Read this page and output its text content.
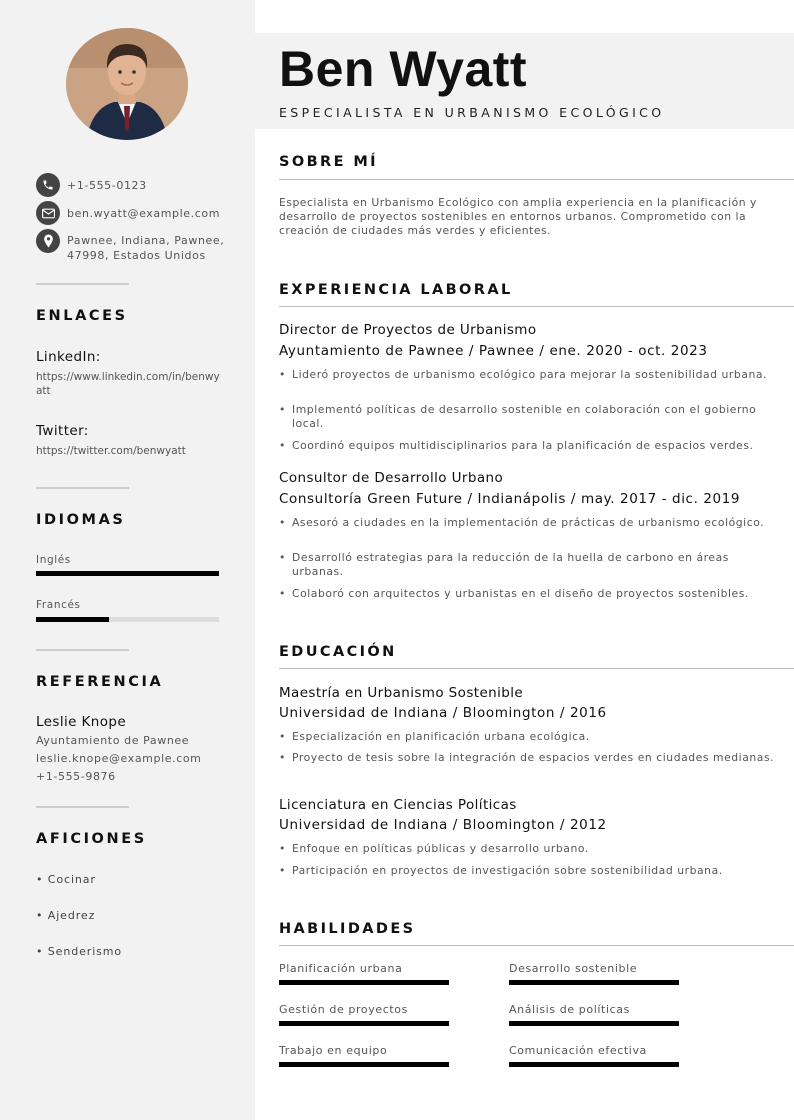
+1-555-0123
ben.wyatt@example.com
Pawnee, Indiana, Pawnee, 47998, Estados Unidos
ENLACES
LinkedIn:
https://www.linkedin.com/in/benwyatt
Twitter:
https://twitter.com/benwyatt
IDIOMAS
Inglés
Francés
REFERENCIA
Leslie Knope
Ayuntamiento de Pawnee
leslie.knope@example.com
+1-555-9876
AFICIONES
• Cocinar
• Ajedrez
• Senderismo
Ben Wyatt
ESPECIALISTA EN URBANISMO ECOLÓGICO
SOBRE MÍ
Especialista en Urbanismo Ecológico con amplia experiencia en la planificación y desarrollo de proyectos sostenibles en entornos urbanos. Comprometido con la creación de ciudades más verdes y eficientes.
EXPERIENCIA LABORAL
Director de Proyectos de Urbanismo
Ayuntamiento de Pawnee / Pawnee / ene. 2020 - oct. 2023
• Lideró proyectos de urbanismo ecológico para mejorar la sostenibilidad urbana.
• Implementó políticas de desarrollo sostenible en colaboración con el gobierno local.
• Coordinó equipos multidisciplinarios para la planificación de espacios verdes.
Consultor de Desarrollo Urbano
Consultoría Green Future / Indianápolis / may. 2017 - dic. 2019
• Asesoró a ciudades en la implementación de prácticas de urbanismo ecológico.
• Desarrolló estrategias para la reducción de la huella de carbono en áreas urbanas.
• Colaboró con arquitectos y urbanistas en el diseño de proyectos sostenibles.
EDUCACIÓN
Maestría en Urbanismo Sostenible
Universidad de Indiana / Bloomington / 2016
• Especialización en planificación urbana ecológica.
• Proyecto de tesis sobre la integración de espacios verdes en ciudades medianas.
Licenciatura en Ciencias Políticas
Universidad de Indiana / Bloomington / 2012
• Enfoque en políticas públicas y desarrollo urbano.
• Participación en proyectos de investigación sobre sostenibilidad urbana.
HABILIDADES
Planificación urbana	Desarrollo sostenible
Gestión de proyectos	Análisis de políticas
Trabajo en equipo	Comunicación efectiva
